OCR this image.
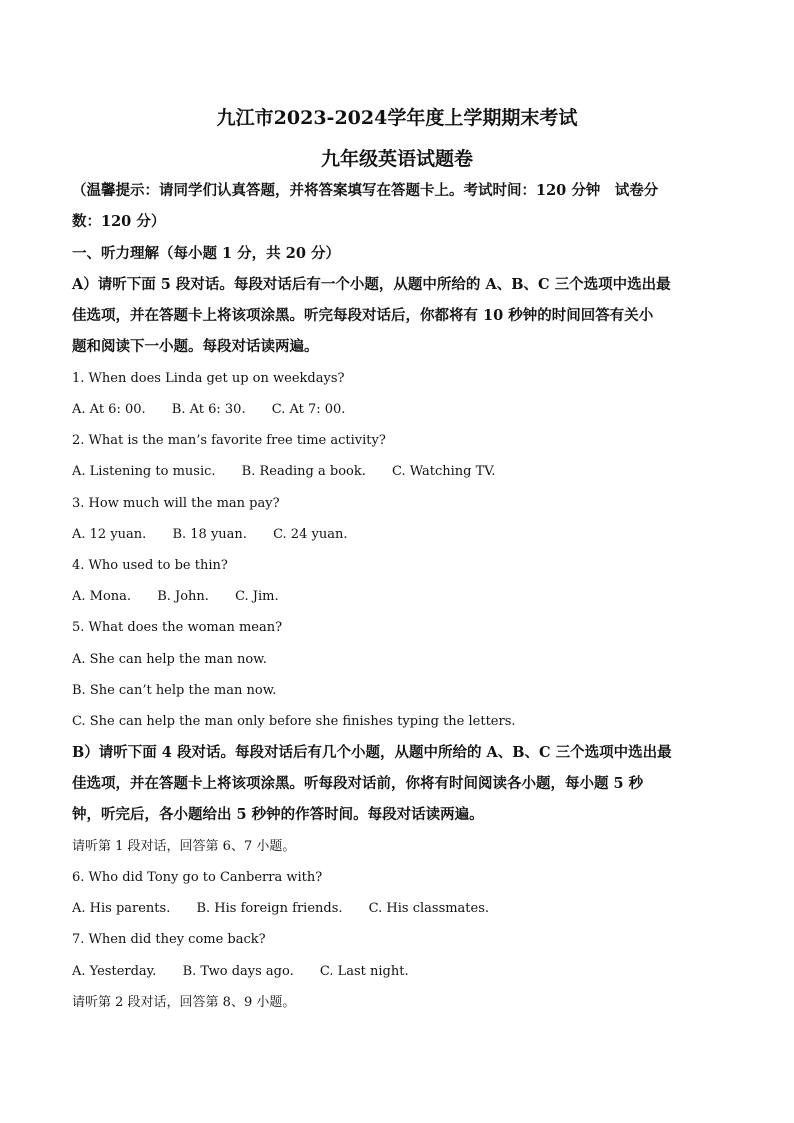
九江市2023-2024学年度上学期期末考试
九年级英语试题卷
（温馨提示：请同学们认真答题，并将答案填写在答题卡上。考试时间：120 分钟　试卷分
数：120 分）
一、听力理解（每小题 1 分，共 20 分）
A）请听下面 5 段对话。每段对话后有一个小题，从题中所给的 A、B、C 三个选项中选出最
佳选项，并在答题卡上将该项涂黑。听完每段对话后，你都将有 10 秒钟的时间回答有关小
题和阅读下一小题。每段对话读两遍。
1. When does Linda get up on weekdays?
A. At 6: 00. B. At 6: 30. C. At 7: 00.
2. What is the man’s favorite free time activity?
A. Listening to music. B. Reading a book. C. Watching TV.
3. How much will the man pay?
A. 12 yuan. B. 18 yuan. C. 24 yuan.
4. Who used to be thin?
A. Mona. B. John. C. Jim.
5. What does the woman mean?
A. She can help the man now.
B. She can’t help the man now.
C. She can help the man only before she finishes typing the letters.
B）请听下面 4 段对话。每段对话后有几个小题，从题中所给的 A、B、C 三个选项中选出最
佳选项，并在答题卡上将该项涂黑。听每段对话前，你将有时间阅读各小题，每小题 5 秒
钟，听完后，各小题给出 5 秒钟的作答时间。每段对话读两遍。
请听第 1 段对话，回答第 6、7 小题。
6. Who did Tony go to Canberra with?
A. His parents. B. His foreign friends. C. His classmates.
7. When did they come back?
A. Yesterday. B. Two days ago. C. Last night.
请听第 2 段对话，回答第 8、9 小题。
